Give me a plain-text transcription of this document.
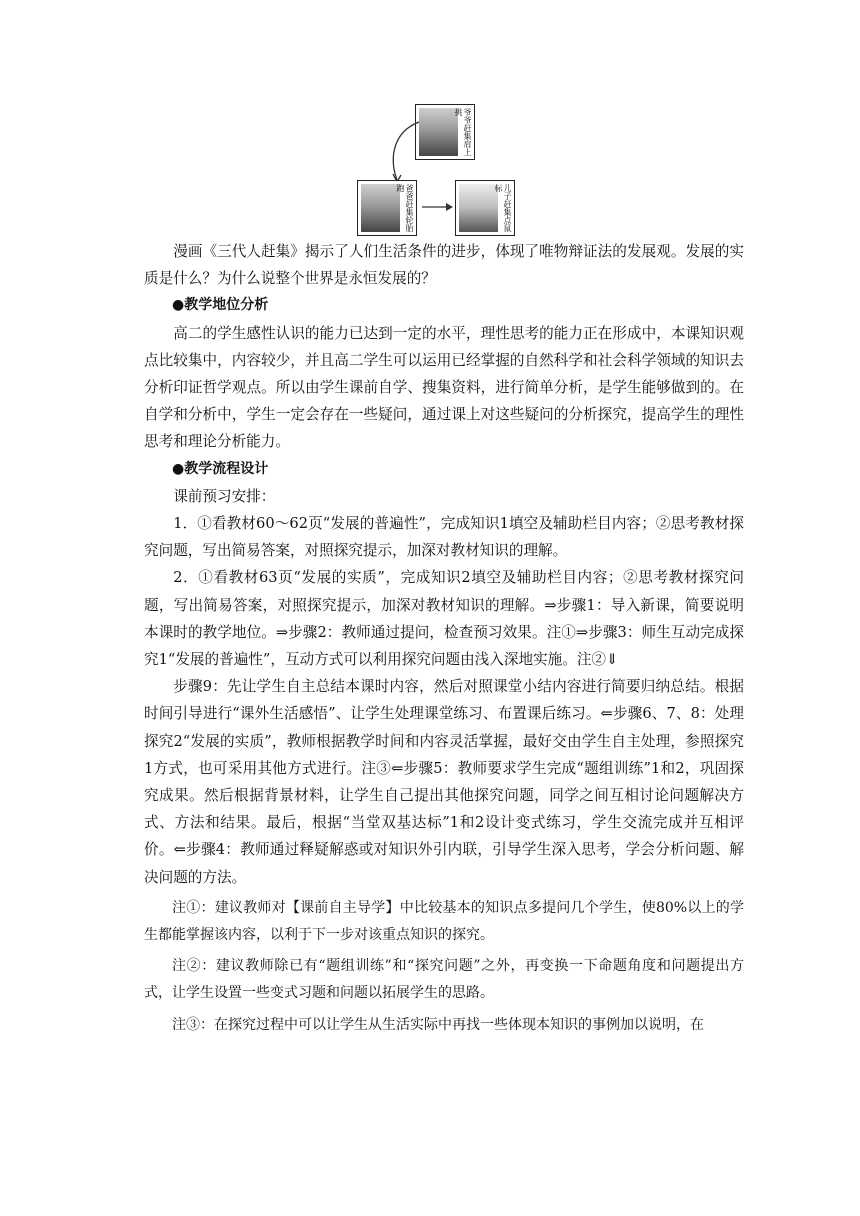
爷爷赶集肩上挑
爸爸赶集轮胎跑	儿子赶集点鼠标

漫画《三代人赶集》揭示了人们生活条件的进步，体现了唯物辩证法的发展观。发展的实质是什么？为什么说整个世界是永恒发展的？

●教学地位分析

高二的学生感性认识的能力已达到一定的水平，理性思考的能力正在形成中，本课知识观点比较集中，内容较少，并且高二学生可以运用已经掌握的自然科学和社会科学领域的知识去分析印证哲学观点。所以由学生课前自学、搜集资料，进行简单分析，是学生能够做到的。在自学和分析中，学生一定会存在一些疑问，通过课上对这些疑问的分析探究，提高学生的理性思考和理论分析能力。

●教学流程设计

课前预习安排：

1．①看教材60～62页“发展的普遍性”，完成知识1填空及辅助栏目内容；②思考教材探究问题，写出简易答案，对照探究提示，加深对教材知识的理解。

2．①看教材63页“发展的实质”，完成知识2填空及辅助栏目内容；②思考教材探究问题，写出简易答案，对照探究提示，加深对教材知识的理解。⇒步骤1：导入新课，简要说明本课时的教学地位。⇒步骤2：教师通过提问，检查预习效果。注①⇒步骤3：师生互动完成探究1“发展的普遍性”，互动方式可以利用探究问题由浅入深地实施。注②⇓

步骤9：先让学生自主总结本课时内容，然后对照课堂小结内容进行简要归纳总结。根据时间引导进行“课外生活感悟”、让学生处理课堂练习、布置课后练习。⇐步骤6、7、8：处理探究2“发展的实质”，教师根据教学时间和内容灵活掌握，最好交由学生自主处理，参照探究1方式，也可采用其他方式进行。注③⇐步骤5：教师要求学生完成“题组训练”1和2，巩固探究成果。然后根据背景材料，让学生自己提出其他探究问题，同学之间互相讨论问题解决方式、方法和结果。最后，根据“当堂双基达标”1和2设计变式练习，学生交流完成并互相评价。⇐步骤4：教师通过释疑解惑或对知识外引内联，引导学生深入思考，学会分析问题、解决问题的方法。

注①：建议教师对【课前自主导学】中比较基本的知识点多提问几个学生，使80%以上的学生都能掌握该内容，以利于下一步对该重点知识的探究。

注②：建议教师除已有“题组训练”和“探究问题”之外，再变换一下命题角度和问题提出方式，让学生设置一些变式习题和问题以拓展学生的思路。

注③：在探究过程中可以让学生从生活实际中再找一些体现本知识的事例加以说明，在
